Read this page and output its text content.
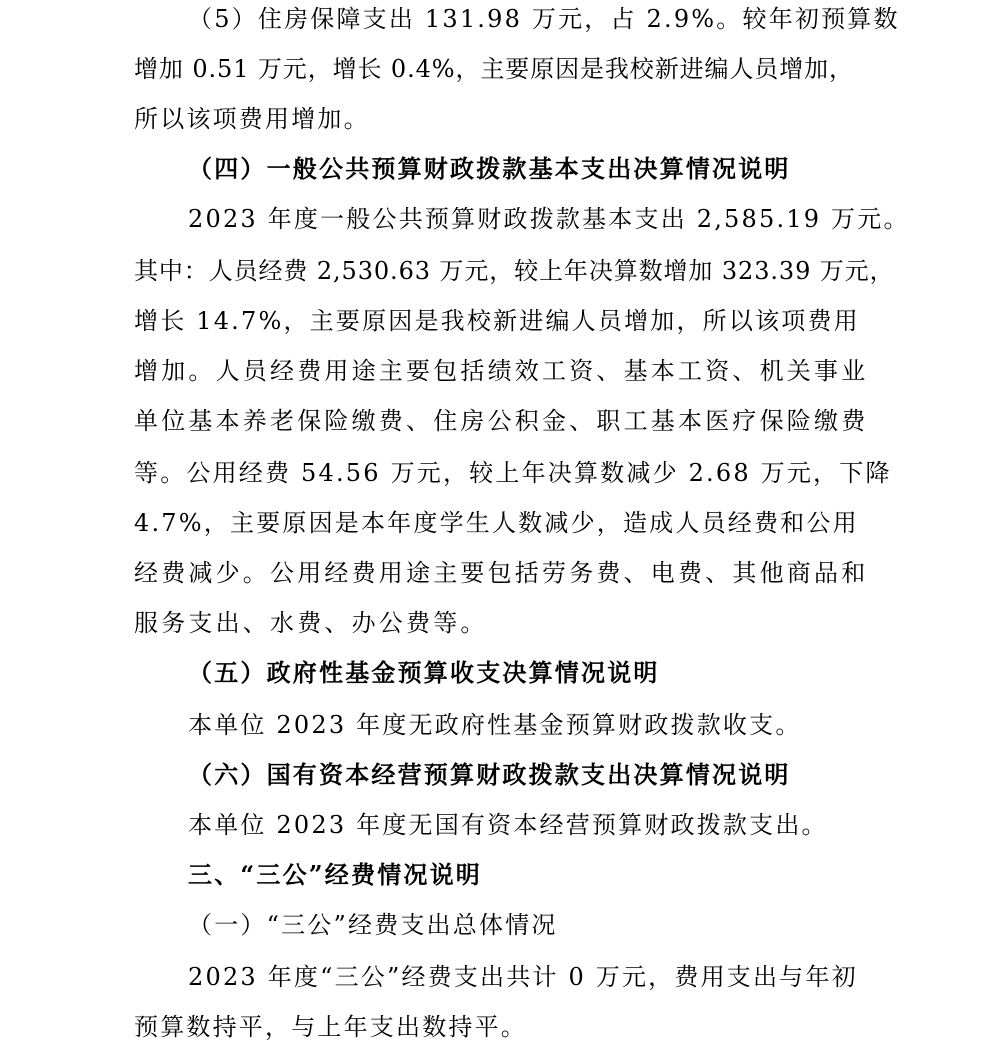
（5）住房保障支出 131.98 万元，占 2.9%。较年初预算数
增加 0.51 万元，增长 0.4%，主要原因是我校新进编人员增加，
所以该项费用增加。
（四）一般公共预算财政拨款基本支出决算情况说明
2023 年度一般公共预算财政拨款基本支出 2,585.19 万元。
其中：人员经费 2,530.63 万元，较上年决算数增加 323.39 万元，
增长 14.7%，主要原因是我校新进编人员增加，所以该项费用
增加。人员经费用途主要包括绩效工资、基本工资、机关事业
单位基本养老保险缴费、住房公积金、职工基本医疗保险缴费
等。公用经费 54.56 万元，较上年决算数减少 2.68 万元，下降
4.7%，主要原因是本年度学生人数减少，造成人员经费和公用
经费减少。公用经费用途主要包括劳务费、电费、其他商品和
服务支出、水费、办公费等。
（五）政府性基金预算收支决算情况说明
本单位 2023 年度无政府性基金预算财政拨款收支。
（六）国有资本经营预算财政拨款支出决算情况说明
本单位 2023 年度无国有资本经营预算财政拨款支出。
三、“三公”经费情况说明
（一）“三公”经费支出总体情况
2023 年度“三公”经费支出共计 0 万元，费用支出与年初
预算数持平，与上年支出数持平。
